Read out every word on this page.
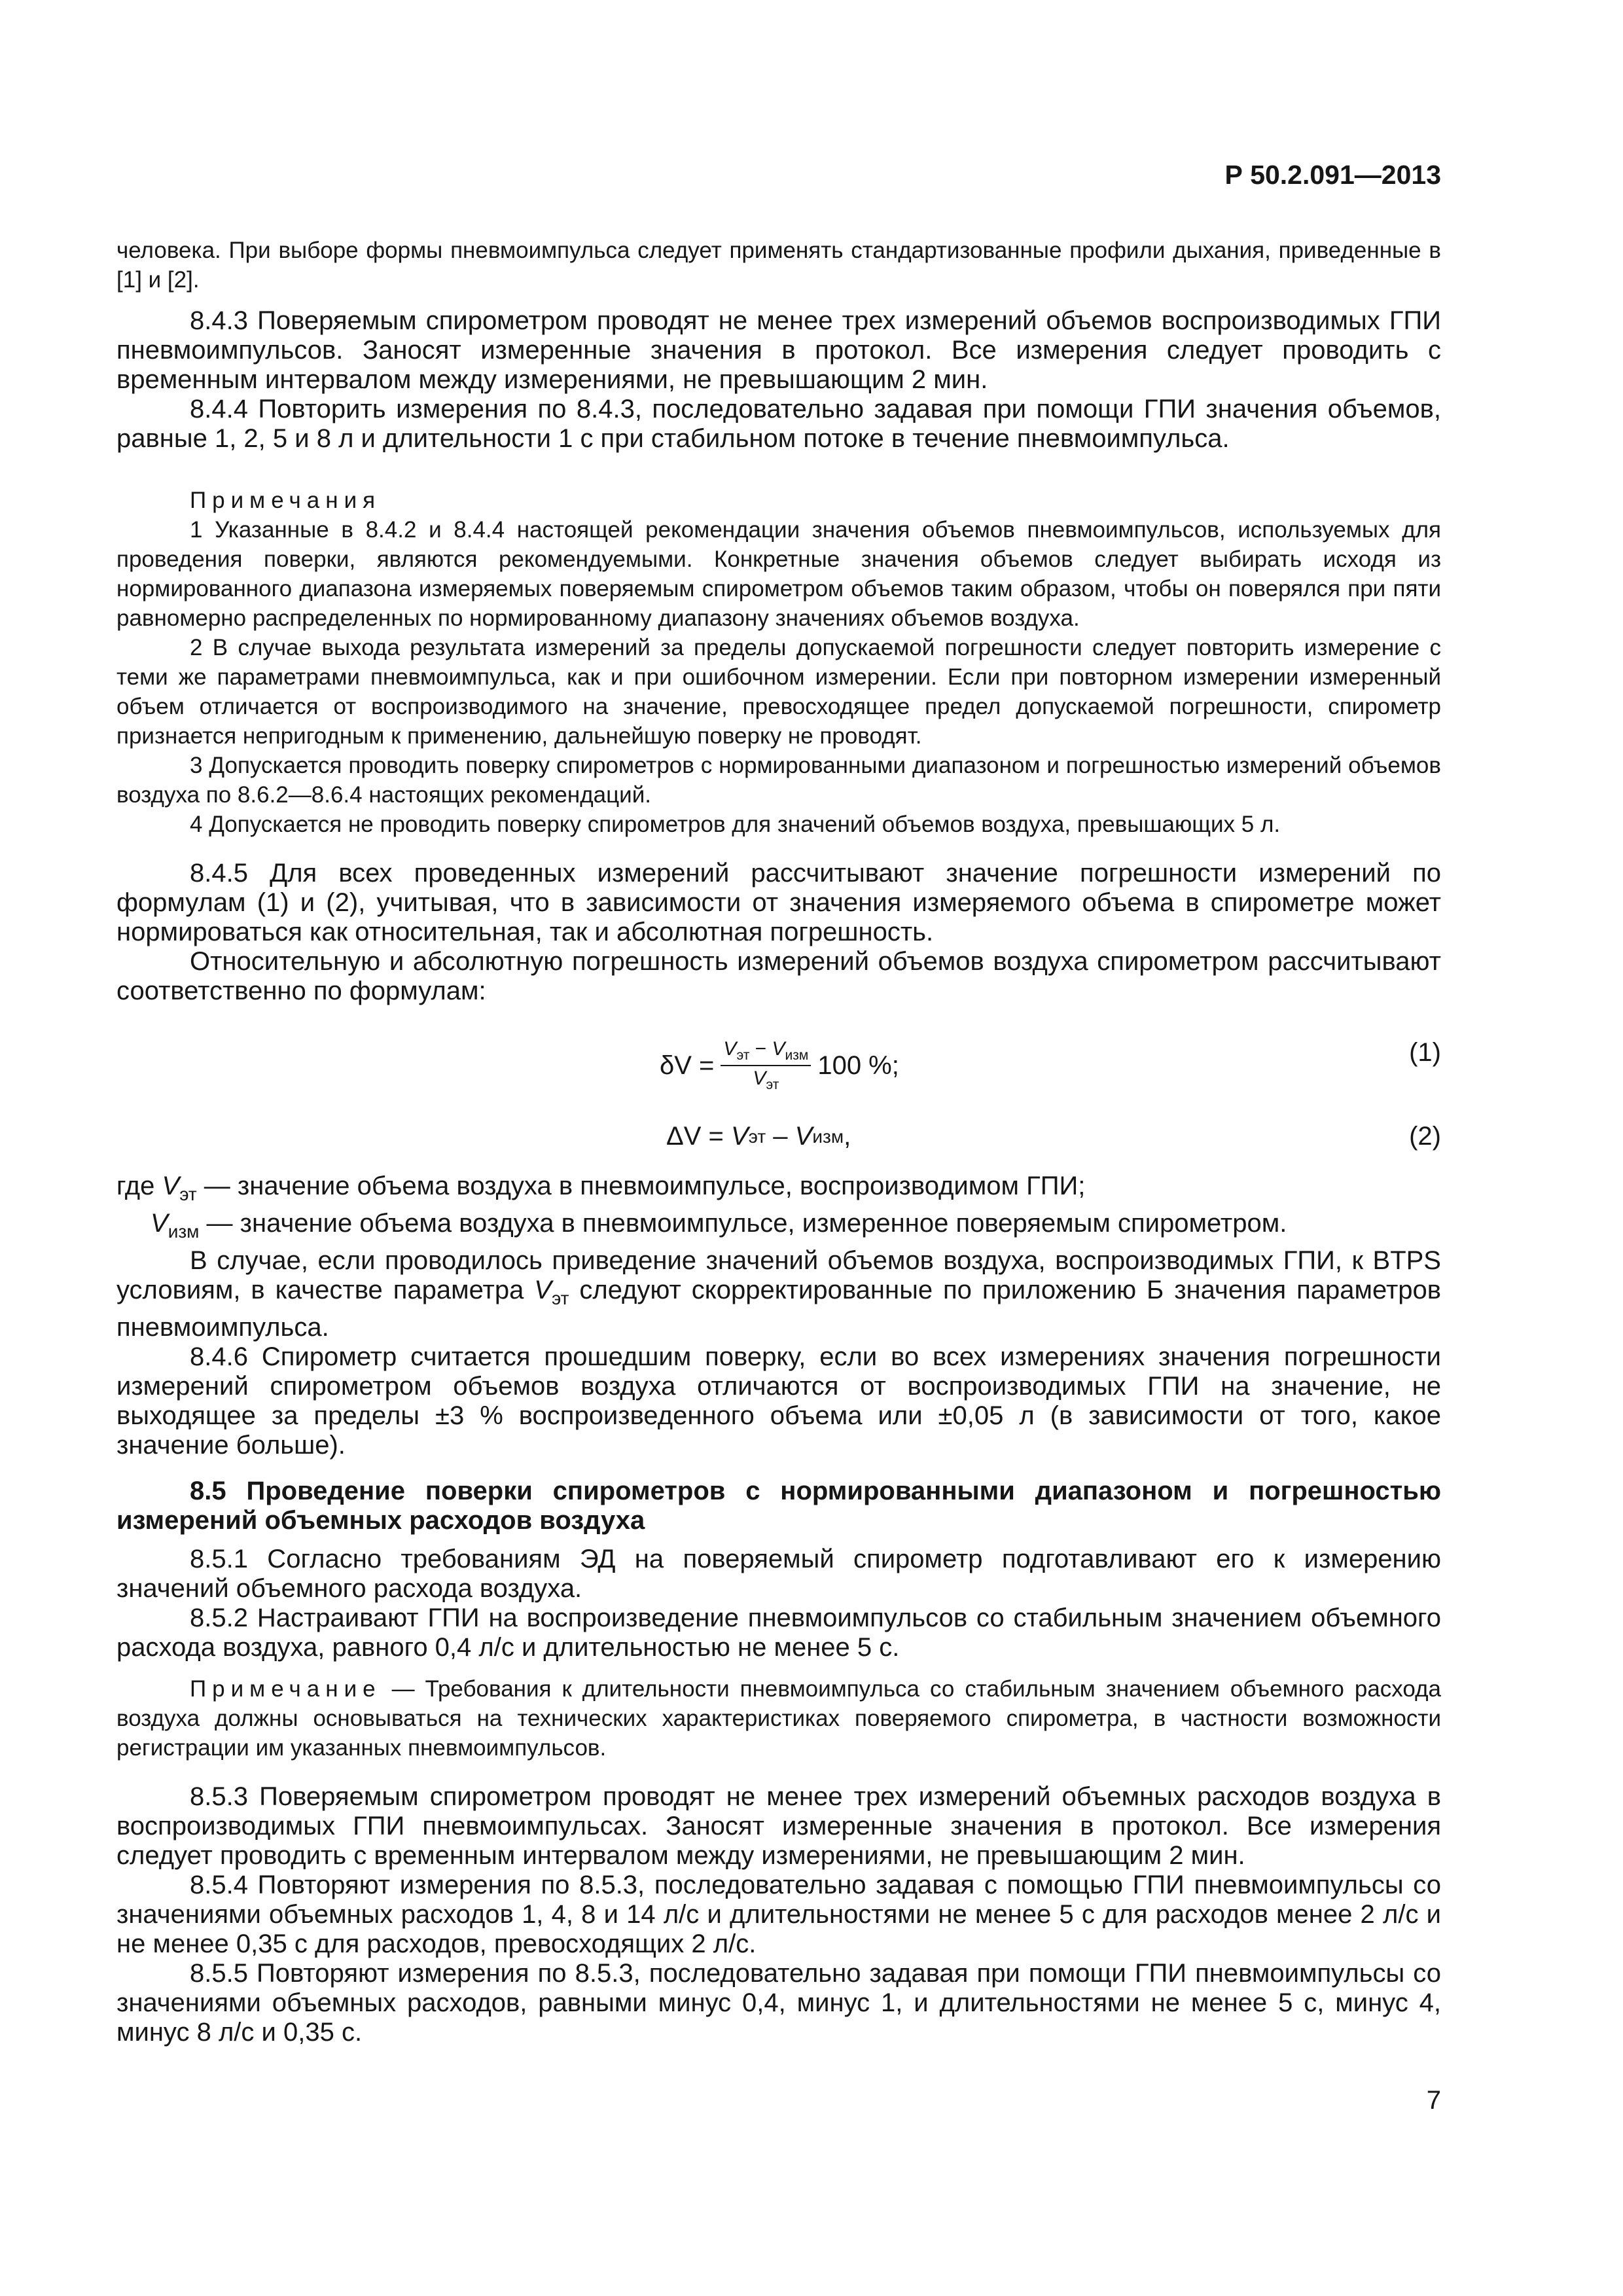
Р 50.2.091—2013

человека. При выборе формы пневмоимпульса следует применять стандартизованные профили дыхания, приведенные в [1] и [2].

8.4.3 Поверяемым спирометром проводят не менее трех измерений объемов воспроизводимых ГПИ пневмоимпульсов. Заносят измеренные значения в протокол. Все измерения следует проводить с временным интервалом между измерениями, не превышающим 2 мин.

8.4.4 Повторить измерения по 8.4.3, последовательно задавая при помощи ГПИ значения объемов, равные 1, 2, 5 и 8 л и длительности 1 с при стабильном потоке в течение пневмоимпульса.

Примечания

1 Указанные в 8.4.2 и 8.4.4 настоящей рекомендации значения объемов пневмоимпульсов, используемых для проведения поверки, являются рекомендуемыми. Конкретные значения объемов следует выбирать исходя из нормированного диапазона измеряемых поверяемым спирометром объемов таким образом, чтобы он поверялся при пяти равномерно распределенных по нормированному диапазону значениях объемов воздуха.

2 В случае выхода результата измерений за пределы допускаемой погрешности следует повторить измерение с теми же параметрами пневмоимпульса, как и при ошибочном измерении. Если при повторном измерении измеренный объем отличается от воспроизводимого на значение, превосходящее предел допускаемой погрешности, спирометр признается непригодным к применению, дальнейшую поверку не проводят.

3 Допускается проводить поверку спирометров с нормированными диапазоном и погрешностью измерений объемов воздуха по 8.6.2—8.6.4 настоящих рекомендаций.

4 Допускается не проводить поверку спирометров для значений объемов воздуха, превышающих 5 л.

8.4.5 Для всех проведенных измерений рассчитывают значение погрешности измерений по формулам (1) и (2), учитывая, что в зависимости от значения измеряемого объема в спирометре может нормироваться как относительная, так и абсолютная погрешность.

Относительную и абсолютную погрешность измерений объемов воздуха спирометром рассчитывают соответственно по формулам:

$\delta V = \frac{V_{эт} - V_{изм}}{V_{эт}} 100$ %;	(1)
ΔV = V эт – V изм ,	(2)

где $V_{эт}$ — значение объема воздуха в пневмоимпульсе, воспроизводимом ГПИ;

$V_{изм}$ — значение объема воздуха в пневмоимпульсе, измеренное поверяемым спирометром.

В случае, если проводилось приведение значений объемов воздуха, воспроизводимых ГПИ, к BTPS условиям, в качестве параметра $V_{эт}$ следуют скорректированные по приложению Б значения параметров пневмоимпульса.

8.4.6 Спирометр считается прошедшим поверку, если во всех измерениях значения погрешности измерений спирометром объемов воздуха отличаются от воспроизводимых ГПИ на значение, не выходящее за пределы ±3 % воспроизведенного объема или ±0,05 л (в зависимости от того, какое значение больше).

8.5 Проведение поверки спирометров с нормированными диапазоном и погрешностью измерений объемных расходов воздуха

8.5.1 Согласно требованиям ЭД на поверяемый спирометр подготавливают его к измерению значений объемного расхода воздуха.

8.5.2 Настраивают ГПИ на воспроизведение пневмоимпульсов со стабильным значением объемного расхода воздуха, равного 0,4 л/с и длительностью не менее 5 с.

Примечание — Требования к длительности пневмоимпульса со стабильным значением объемного расхода воздуха должны основываться на технических характеристиках поверяемого спирометра, в частности возможности регистрации им указанных пневмоимпульсов.

8.5.3 Поверяемым спирометром проводят не менее трех измерений объемных расходов воздуха в воспроизводимых ГПИ пневмоимпульсах. Заносят измеренные значения в протокол. Все измерения следует проводить с временным интервалом между измерениями, не превышающим 2 мин.

8.5.4 Повторяют измерения по 8.5.3, последовательно задавая с помощью ГПИ пневмоимпульсы со значениями объемных расходов 1, 4, 8 и 14 л/с и длительностями не менее 5 с для расходов менее 2 л/с и не менее 0,35 с для расходов, превосходящих 2 л/с.

8.5.5 Повторяют измерения по 8.5.3, последовательно задавая при помощи ГПИ пневмоимпульсы со значениями объемных расходов, равными минус 0,4, минус 1, и длительностями не менее 5 с, минус 4, минус 8 л/с и 0,35 с.

7
